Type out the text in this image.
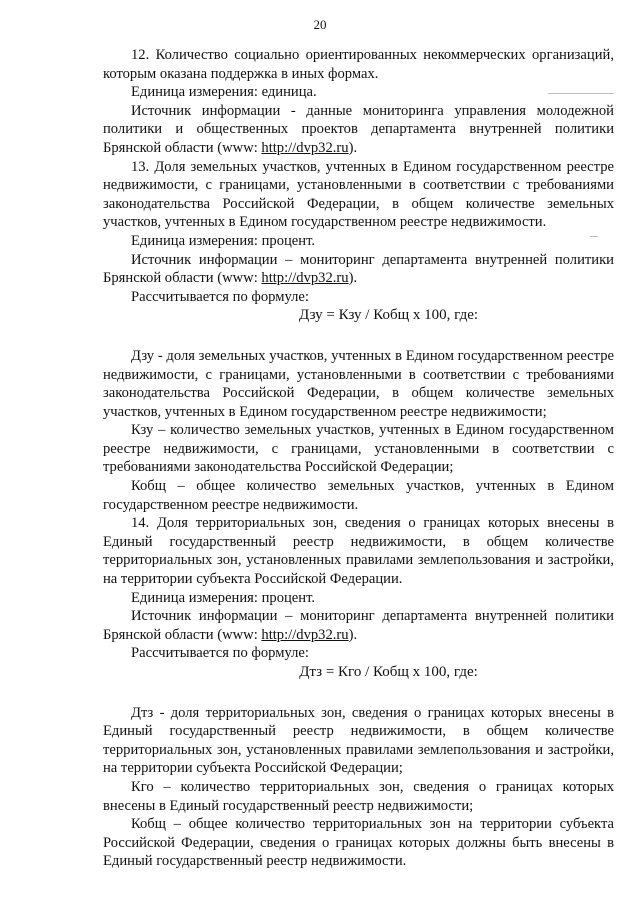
20

12. Количество социально ориентированных некоммерческих организаций, которым оказана поддержка в иных формах.

Единица измерения: единица.

Источник информации - данные мониторинга управления молодежной политики и общественных проектов департамента внутренней политики Брянской области (www: http://dvp32.ru).

13. Доля земельных участков, учтенных в Едином государственном реестре недвижимости, с границами, установленными в соответствии с требованиями законодательства Российской Федерации, в общем количестве земельных участков, учтенных в Едином государственном реестре недвижимости.

Единица измерения: процент.

Источник информации – мониторинг департамента внутренней политики Брянской области (www: http://dvp32.ru).

Рассчитывается по формуле:

Дзу = Кзу / Кобщ х 100, где:

Дзу - доля земельных участков, учтенных в Едином государственном реестре недвижимости, с границами, установленными в соответствии с требованиями законодательства Российской Федерации, в общем количестве земельных участков, учтенных в Едином государственном реестре недвижимости;

Кзу – количество земельных участков, учтенных в Едином государственном реестре недвижимости, с границами, установленными в соответствии с требованиями законодательства Российской Федерации;

Кобщ – общее количество земельных участков, учтенных в Едином государственном реестре недвижимости.

14. Доля территориальных зон, сведения о границах которых внесены в Единый государственный реестр недвижимости, в общем количестве территориальных зон, установленных правилами землепользования и застройки, на территории субъекта Российской Федерации.

Единица измерения: процент.

Источник информации – мониторинг департамента внутренней политики Брянской области (www: http://dvp32.ru).

Рассчитывается по формуле:

Дтз = Кго / Кобщ х 100, где:

Дтз - доля территориальных зон, сведения о границах которых внесены в Единый государственный реестр недвижимости, в общем количестве территориальных зон, установленных правилами землепользования и застройки, на территории субъекта Российской Федерации;

Кго – количество территориальных зон, сведения о границах которых внесены в Единый государственный реестр недвижимости;

Кобщ – общее количество территориальных зон на территории субъекта Российской Федерации, сведения о границах которых должны быть внесены в Единый государственный реестр недвижимости.
